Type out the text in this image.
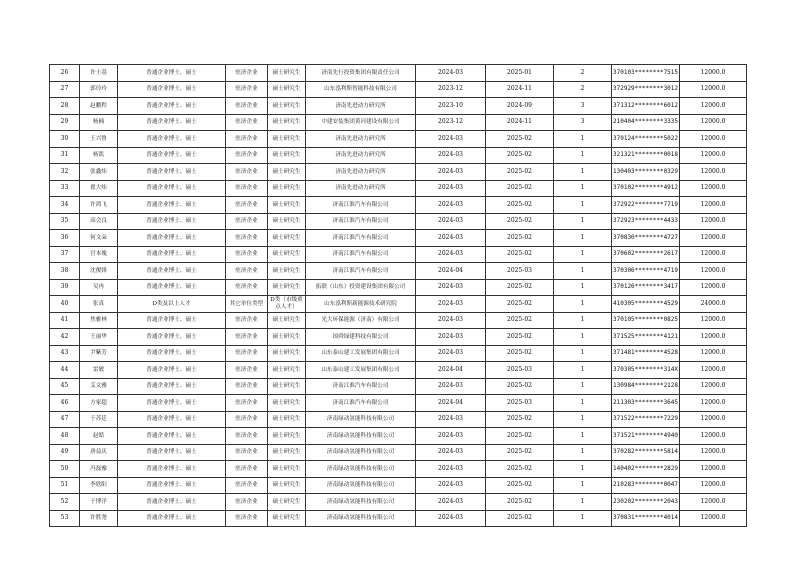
26	许士基	普通企业博士、硕士	驻济企业	硕士研究生	济南先行投资集团有限责任公司	2024-03	2025-01	2	370103********7515	12000.0
27	郭玲玲	普通企业博士、硕士	驻济企业	硕士研究生	山东泓利斯智能科技有限公司	2023-12	2024-11	2	372929********3012	12000.0
28	赵鹏程	普通企业博士、硕士	驻济企业	硕士研究生	济南先进动力研究所	2023-10	2024-09	3	371312********6012	12000.0
29	杨楠	普通企业博士、硕士	驻济企业	硕士研究生	中建安装集团黄河建设有限公司	2023-12	2024-11	3	210404********3335	12000.0
30	王兴鲁	普通企业博士、硕士	驻济企业	硕士研究生	济南先进动力研究所	2024-03	2025-02	1	370124********5022	12000.0
31	杨凯	普通企业博士、硕士	驻济企业	硕士研究生	济南先进动力研究所	2024-03	2025-02	1	321321********0018	12000.0
32	张鑫炜	普通企业博士、硕士	驻济企业	硕士研究生	济南先进动力研究所	2024-03	2025-02	1	130403********0329	12000.0
33	翟大炜	普通企业博士、硕士	驻济企业	硕士研究生	济南先进动力研究所	2024-03	2025-02	1	370102********4912	12000.0
34	许鸿飞	普通企业博士、硕士	驻济企业	硕士研究生	济南江淮汽车有限公司	2024-03	2025-02	1	372922********7719	12000.0
35	高会良	普通企业博士、硕士	驻济企业	硕士研究生	济南江淮汽车有限公司	2024-03	2025-02	1	372923********4433	12000.0
36	何文朵	普通企业博士、硕士	驻济企业	硕士研究生	济南江淮汽车有限公司	2024-03	2025-02	1	370830********4727	12000.0
37	宫本瑰	普通企业博士、硕士	驻济企业	硕士研究生	济南江淮汽车有限公司	2024-03	2025-02	1	370602********2617	12000.0
38	沈俊锋	普通企业博士、硕士	驻济企业	硕士研究生	济南江淮汽车有限公司	2024-04	2025-03	1	370306********4719	12000.0
39	吴冉	普通企业博士、硕士	驻济企业	硕士研究生	拓联（山东）投资建设集团有限公司	2024-03	2025-02	1	370126********3417	12000.0
40	张真	D类及以上人才	其它单位类型	D类（市级重点人才）	山东泓利斯新能源技术研究院	2024-03	2025-02	1	410305********4529	24000.0
41	焦雅林	普通企业博士、硕士	驻济企业	硕士研究生	光大环保能源（济南）有限公司	2024-03	2025-02	1	370105********0825	12000.0
42	王丽华	普通企业博士、硕士	驻济企业	硕士研究生	国舜绿建科技有限公司	2024-03	2025-02	1	371525********4121	12000.0
43	尹紫芳	普通企业博士、硕士	驻济企业	硕士研究生	山东泰山建工发展集团有限公司	2024-03	2025-02	1	371481********4528	12000.0
44	雷敏	普通企业博士、硕士	驻济企业	硕士研究生	山东泰山建工发展集团有限公司	2024-04	2025-03	1	370305********314X	12000.0
45	艾文雅	普通企业博士、硕士	驻济企业	硕士研究生	济南江淮汽车有限公司	2024-03	2025-02	1	130984********2128	12000.0
46	方家超	普通企业博士、硕士	驻济企业	硕士研究生	济南江淮汽车有限公司	2024-04	2025-03	1	211303********3645	12000.0
47	于苏廷	普通企业博士、硕士	驻济企业	硕士研究生	济南绿动氢能科技有限公司	2024-03	2025-02	1	371522********7229	12000.0
48	赵皓	普通企业博士、硕士	驻济企业	硕士研究生	济南绿动氢能科技有限公司	2024-03	2025-02	1	371521********4940	12000.0
49	唐益庆	普通企业博士、硕士	驻济企业	硕士研究生	济南绿动氢能科技有限公司	2024-03	2025-02	1	370282********5814	12000.0
50	冯磊豫	普通企业博士、硕士	驻济企业	硕士研究生	济南绿动氢能科技有限公司	2024-03	2025-02	1	140402********2829	12000.0
51	李欣阳	普通企业博士、硕士	驻济企业	硕士研究生	济南绿动氢能科技有限公司	2024-03	2025-02	1	210283********0047	12000.0
52	于博洋	普通企业博士、硕士	驻济企业	硕士研究生	济南绿动氢能科技有限公司	2024-03	2025-02	1	230202********2043	12000.0
53	许胜尧	普通企业博士、硕士	驻济企业	硕士研究生	济南绿动氢能科技有限公司	2024-03	2025-02	1	370831********4014	12000.0
